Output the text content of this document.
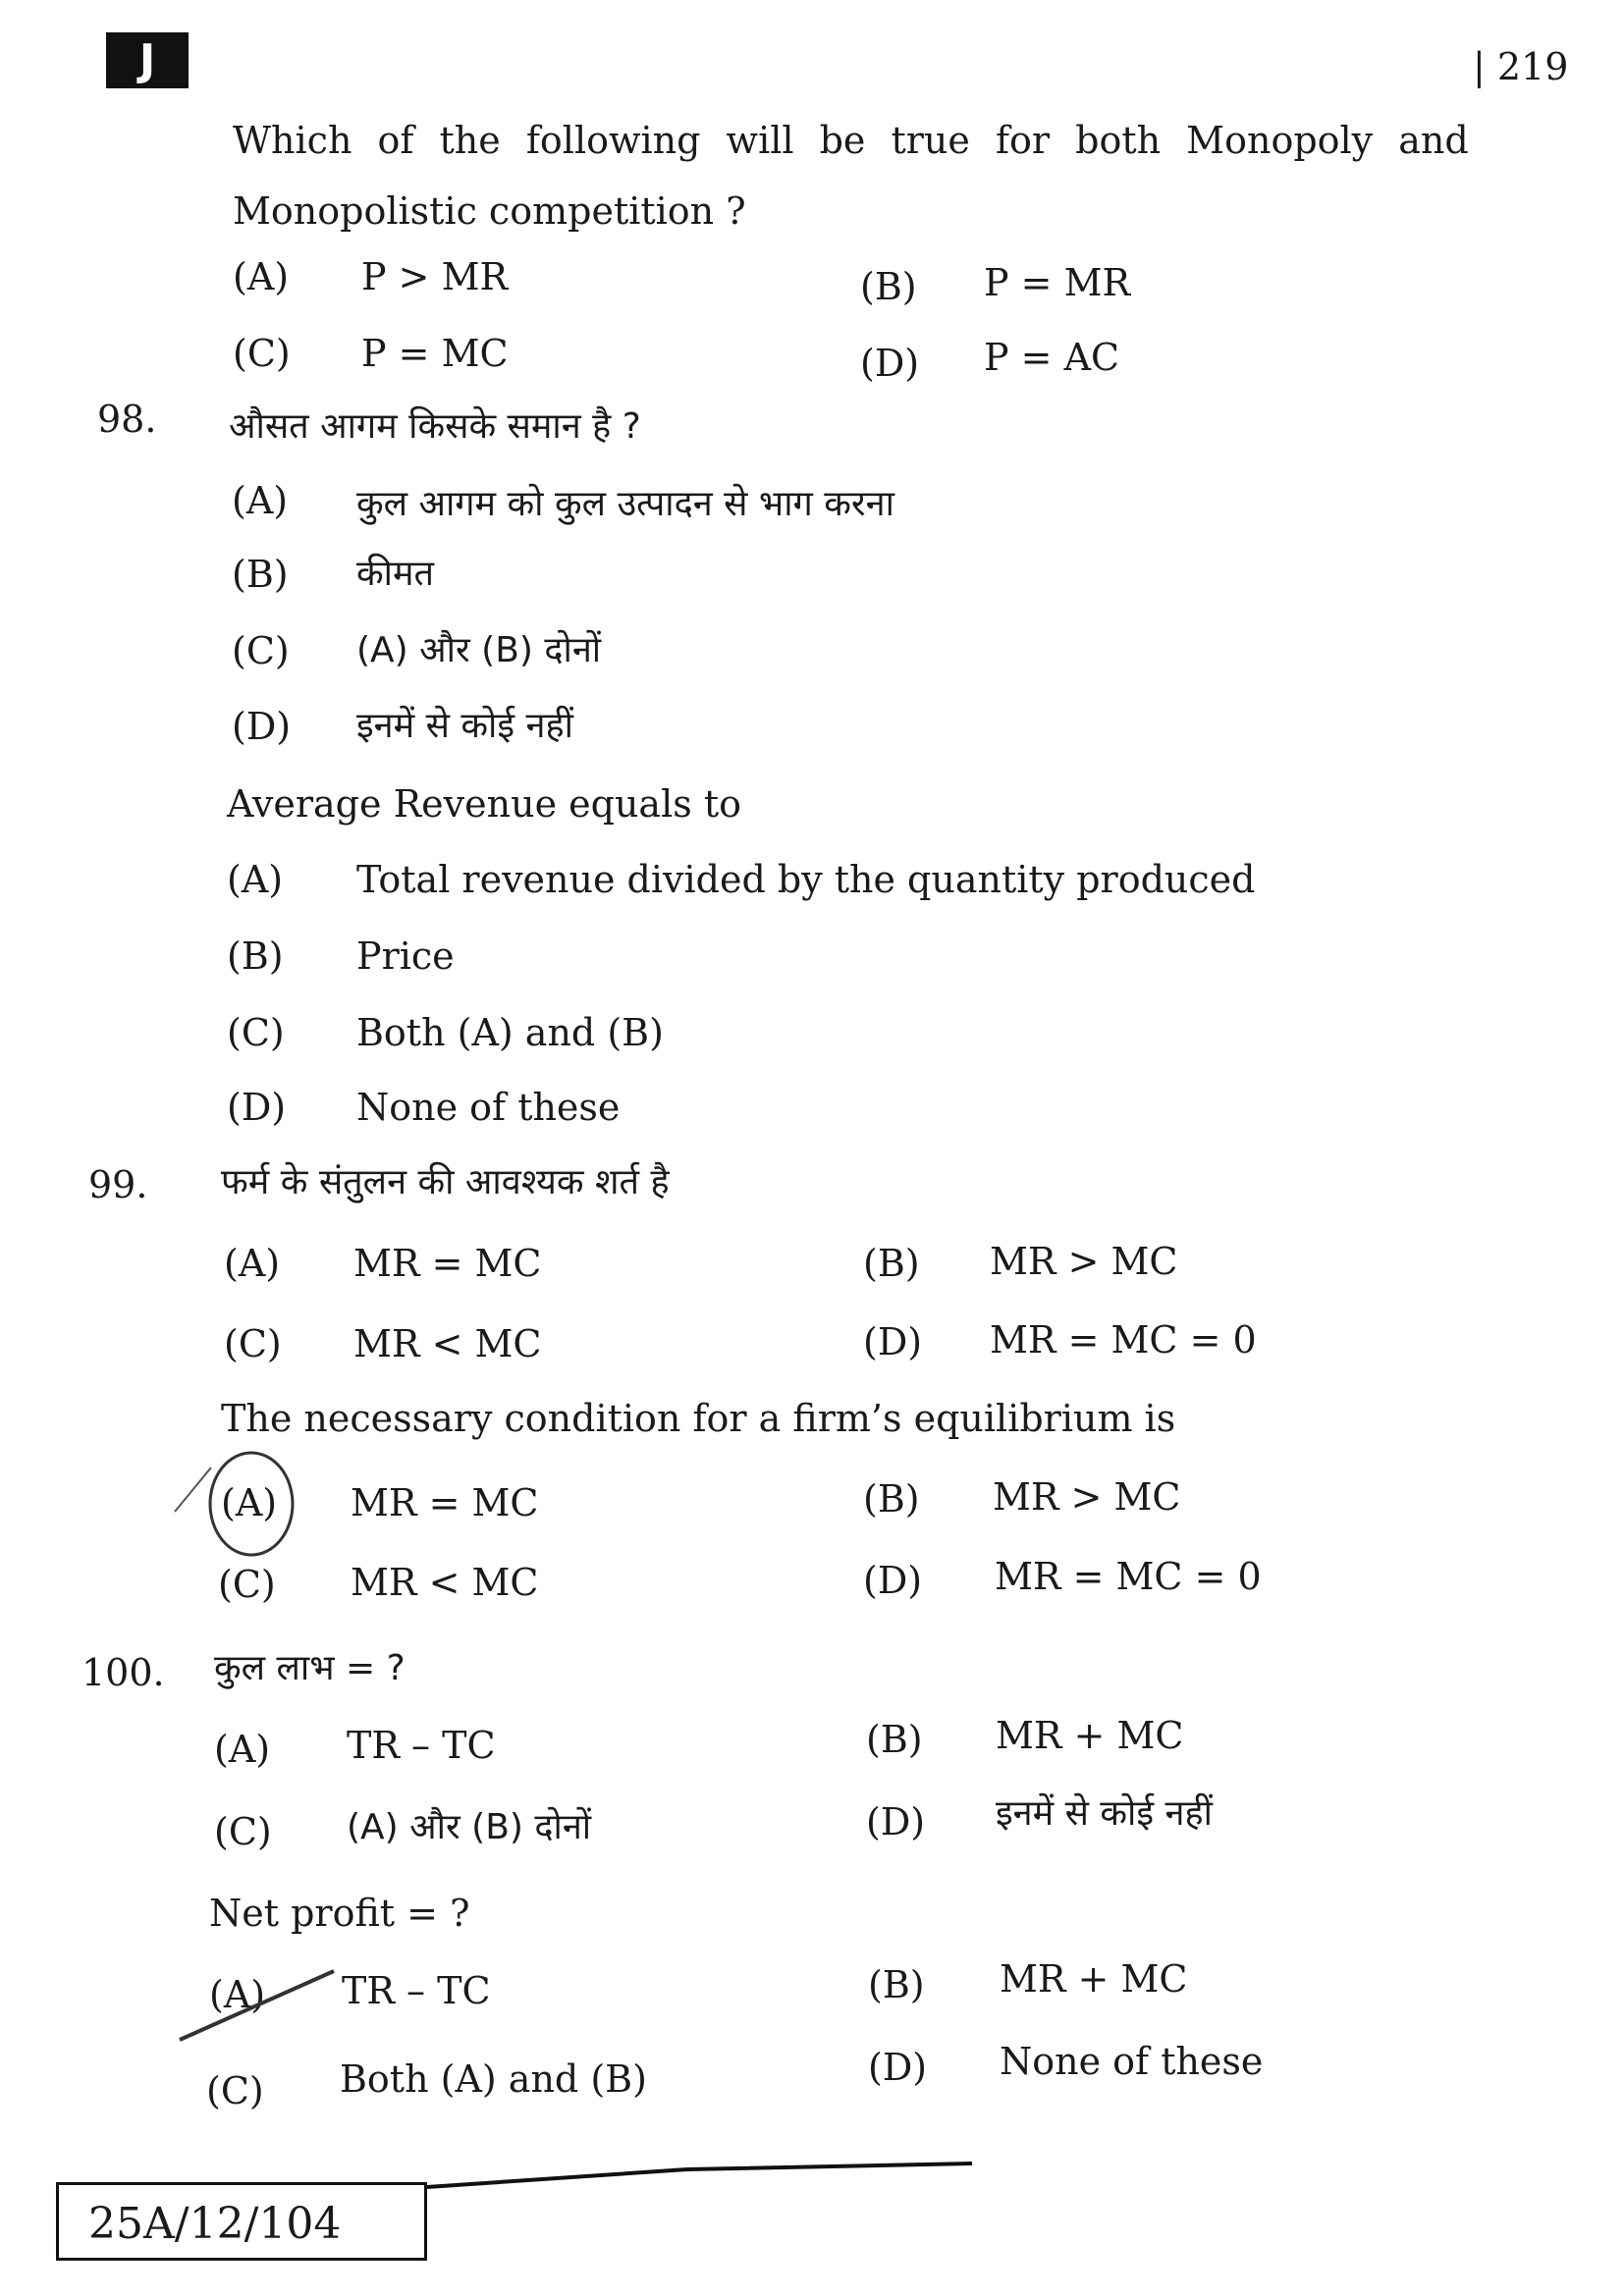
J	| 219
Which of the following will be true for both Monopoly and
Monopolistic competition ?
(A) P > MR	(B) P = MR
(C) P = MC	(D) P = AC
98. औसत आगम किसके समान है ?
(A) कुल आगम को कुल उत्पादन से भाग करना
(B) कीमत
(C) (A) और (B) दोनों
(D) इनमें से कोई नहीं
Average Revenue equals to
(A) Total revenue divided by the quantity produced
(B) Price
(C) Both (A) and (B)
(D) None of these
99. फर्म के संतुलन की आवश्यक शर्त है
(A) MR = MC	(B) MR > MC
(C) MR < MC	(D) MR = MC = 0
The necessary condition for a firm’s equilibrium is
(A) MR = MC	(B) MR > MC
(C) MR < MC	(D) MR = MC = 0
100. कुल लाभ = ?
(A) TR – TC	(B) MR + MC
(C) (A) और (B) दोनों	(D) इनमें से कोई नहीं
Net profit = ?
(A) TR – TC	(B) MR + MC
(C) Both (A) and (B)	(D) None of these
25A/12/104
